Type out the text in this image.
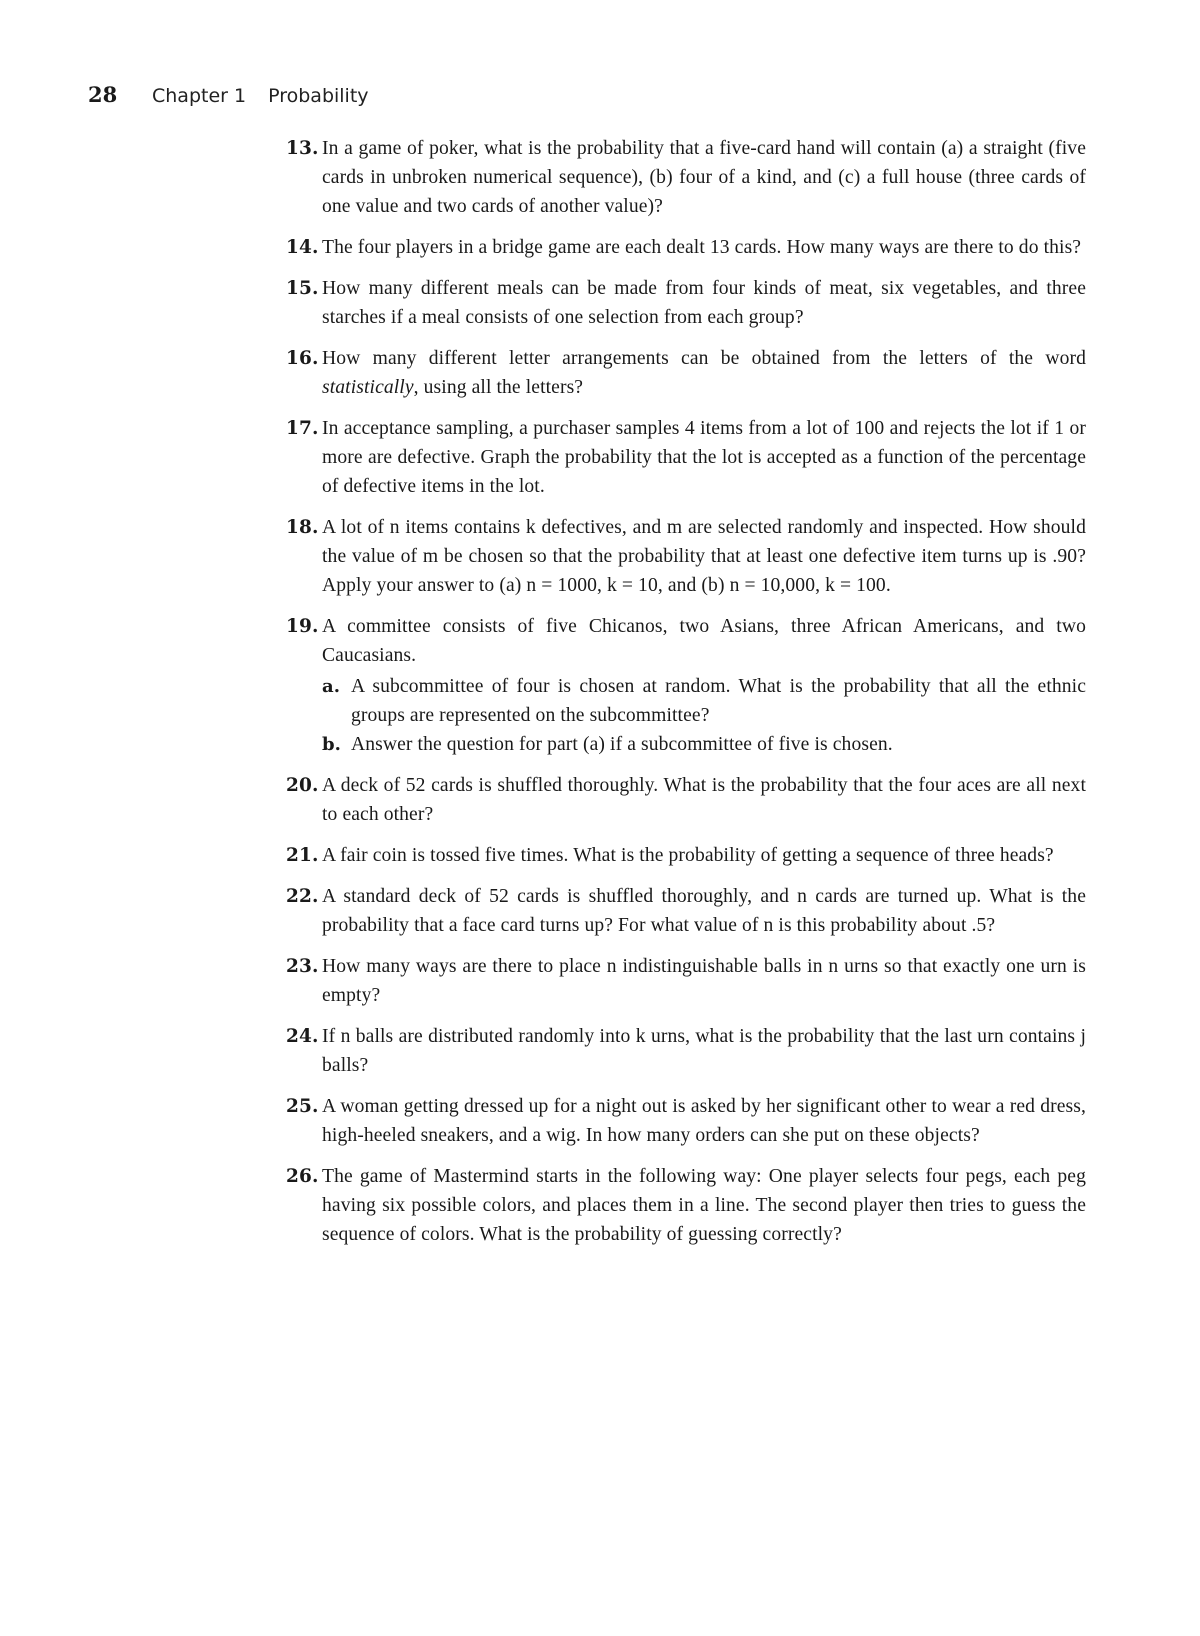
28	Chapter 1 Probability
13. In a game of poker, what is the probability that a five-card hand will contain (a) a straight (five cards in unbroken numerical sequence), (b) four of a kind, and (c) a full house (three cards of one value and two cards of another value)?
14. The four players in a bridge game are each dealt 13 cards. How many ways are there to do this?
15. How many different meals can be made from four kinds of meat, six vegetables, and three starches if a meal consists of one selection from each group?
16. How many different letter arrangements can be obtained from the letters of the word statistically, using all the letters?
17. In acceptance sampling, a purchaser samples 4 items from a lot of 100 and rejects the lot if 1 or more are defective. Graph the probability that the lot is accepted as a function of the percentage of defective items in the lot.
18. A lot of n items contains k defectives, and m are selected randomly and inspected. How should the value of m be chosen so that the probability that at least one defective item turns up is .90? Apply your answer to (a) n = 1000, k = 10, and (b) n = 10,000, k = 100.
19. A committee consists of five Chicanos, two Asians, three African Americans, and two Caucasians.
a. A subcommittee of four is chosen at random. What is the probability that all the ethnic groups are represented on the subcommittee?
b. Answer the question for part (a) if a subcommittee of five is chosen.
20. A deck of 52 cards is shuffled thoroughly. What is the probability that the four aces are all next to each other?
21. A fair coin is tossed five times. What is the probability of getting a sequence of three heads?
22. A standard deck of 52 cards is shuffled thoroughly, and n cards are turned up. What is the probability that a face card turns up? For what value of n is this probability about .5?
23. How many ways are there to place n indistinguishable balls in n urns so that exactly one urn is empty?
24. If n balls are distributed randomly into k urns, what is the probability that the last urn contains j balls?
25. A woman getting dressed up for a night out is asked by her significant other to wear a red dress, high-heeled sneakers, and a wig. In how many orders can she put on these objects?
26. The game of Mastermind starts in the following way: One player selects four pegs, each peg having six possible colors, and places them in a line. The second player then tries to guess the sequence of colors. What is the probability of guessing correctly?
